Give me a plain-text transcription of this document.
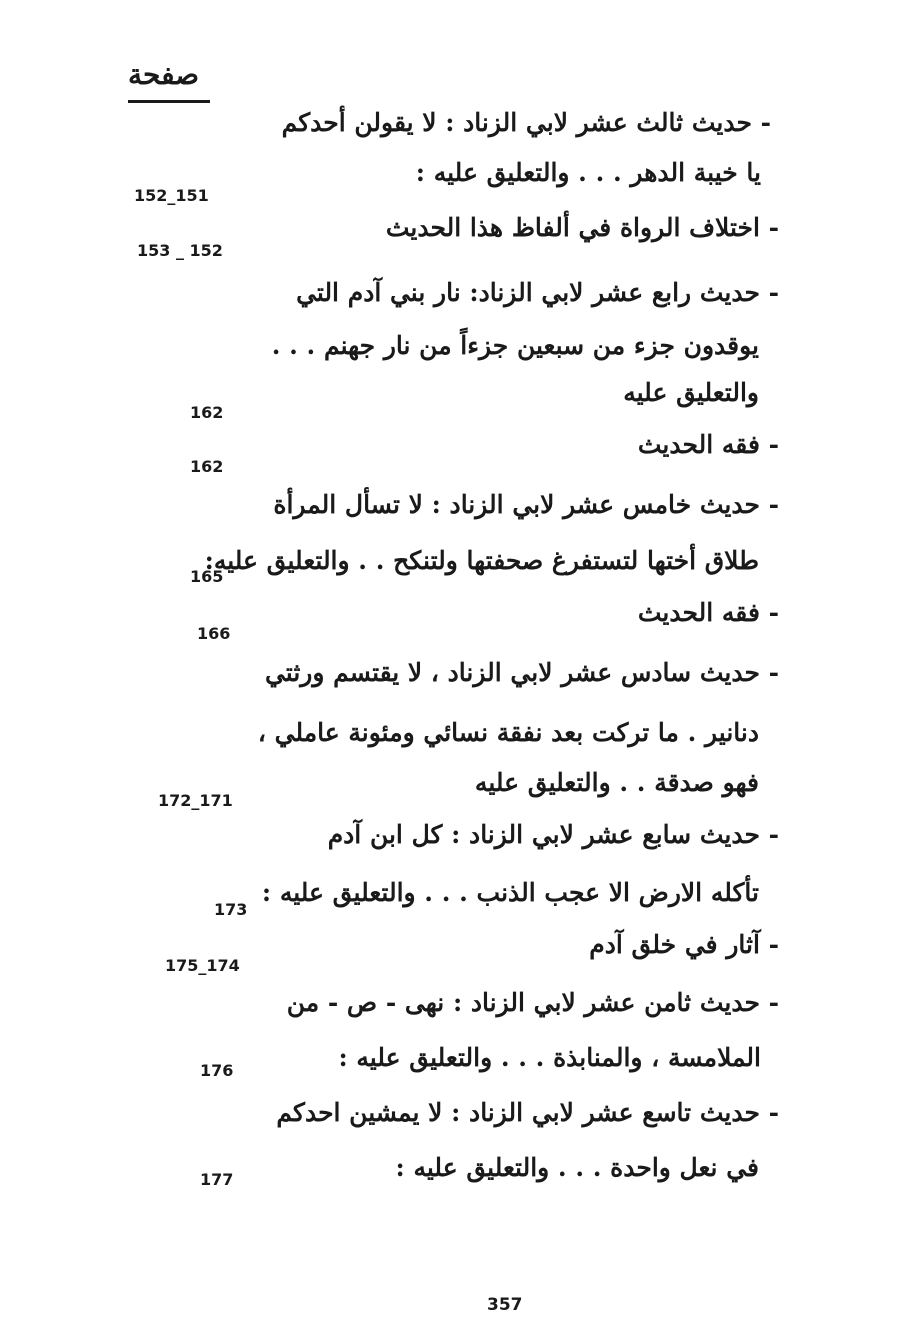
صفحة
- حديث ثالث عشر لابي الزناد : لا يقولن أحدكم
يا خيبة الدهر . . . والتعليق عليه :
152_151
- اختلاف الرواة في ألفاظ هذا الحديث
153 _ 152
- حديث رابع عشر لابي الزناد: نار بني آدم التي
يوقدون جزء من سبعين جزءاً من نار جهنم . . .
والتعليق عليه
162
- فقه الحديث
162
- حديث خامس عشر لابي الزناد : لا تسأل المرأة
طلاق أختها لتستفرغ صحفتها ولتنكح . . والتعليق عليه:
165
- فقه الحديث
166
- حديث سادس عشر لابي الزناد ، لا يقتسم ورثتي
دنانير . ما تركت بعد نفقة نسائي ومئونة عاملي ،
فهو صدقة . . والتعليق عليه
172_171
- حديث سابع عشر لابي الزناد : كل ابن آدم
تأكله الارض الا عجب الذنب . . . والتعليق عليه :
173
- آثار في خلق آدم
175_174
- حديث ثامن عشر لابي الزناد : نهى - ص - من
الملامسة ، والمنابذة . . . والتعليق عليه :
176
- حديث تاسع عشر لابي الزناد : لا يمشين احدكم
في نعل واحدة . . . والتعليق عليه :
177
357
